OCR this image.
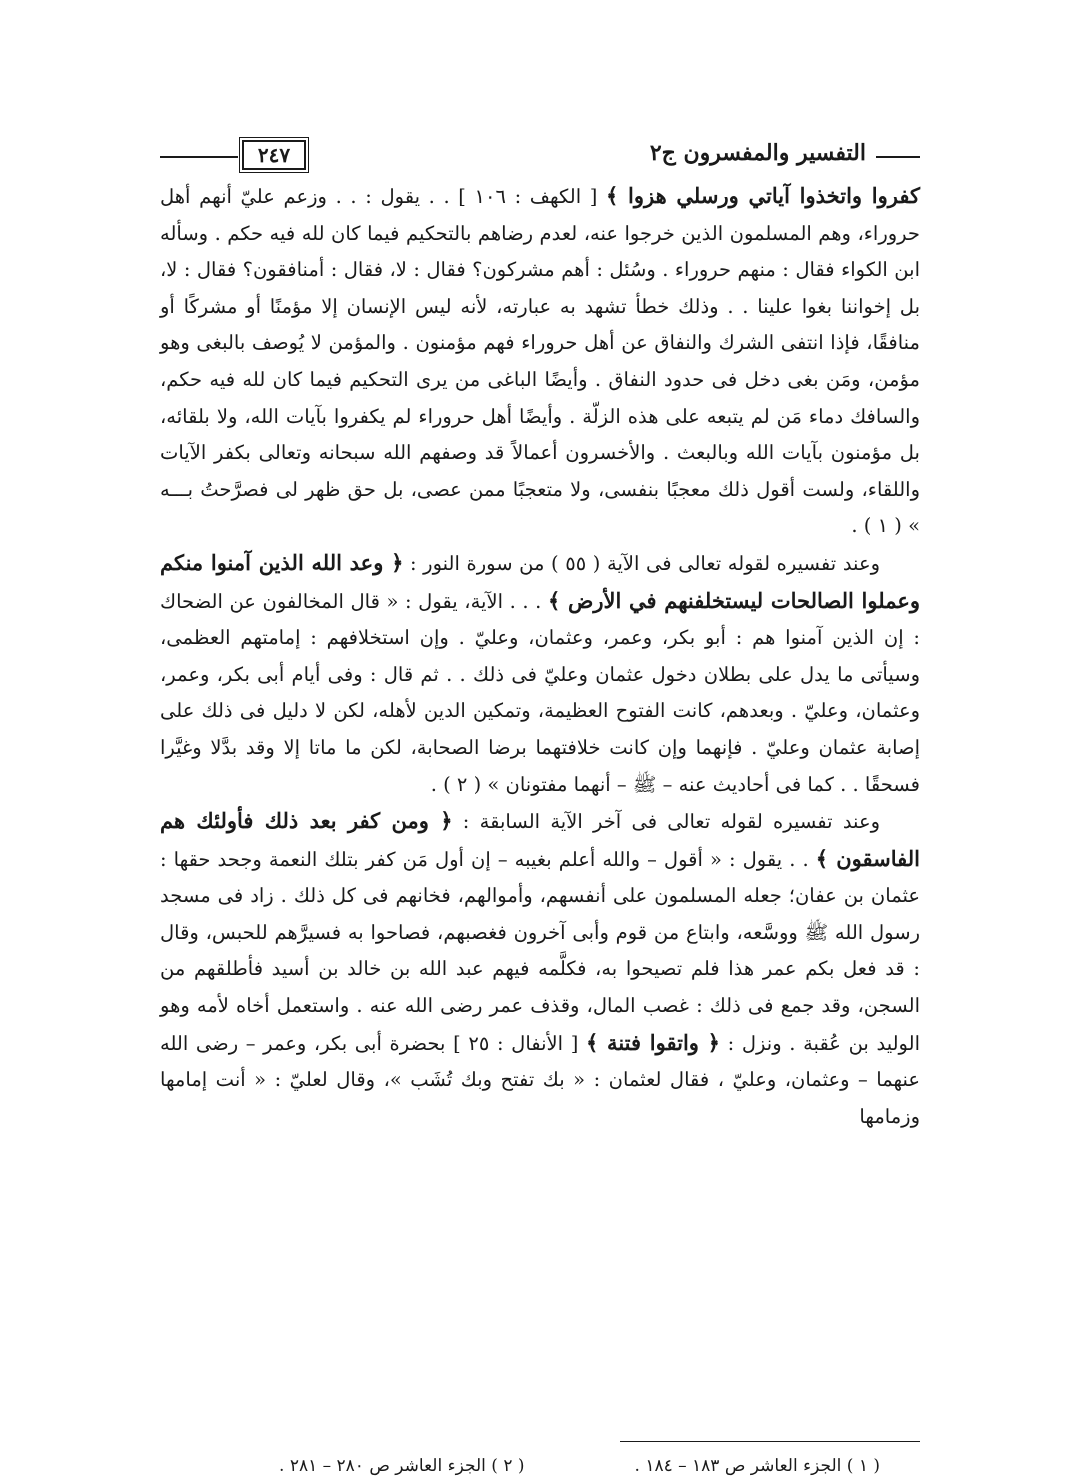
التفسير والمفسرون ج٢
٢٤٧

كفروا واتخذوا آياتي ورسلي هزوا ﴾ [ الكهف : ١٠٦ ] . . يقول : . . وزعم عليّ أنهم أهل حروراء، وهم المسلمون الذين خرجوا عنه، لعدم رضاهم بالتحكيم فيما كان لله فيه حكم . وسأله ابن الكواء فقال : منهم حروراء . وسُئل : أهم مشركون؟ فقال : لا، فقال : أمنافقون؟ فقال : لا، بل إخواننا بغوا علينا . . وذلك خطأ تشهد به عبارته، لأنه ليس الإنسان إلا مؤمنًا أو مشركًا أو منافقًا، فإذا انتفى الشرك والنفاق عن أهل حروراء فهم مؤمنون . والمؤمن لا يُوصف بالبغى وهو مؤمن، ومَن بغى دخل فى حدود النفاق . وأيضًا الباغى من يرى التحكيم فيما كان لله فيه حكم، والسافك دماء مَن لم يتبعه على هذه الزلّة . وأيضًا أهل حروراء لم يكفروا بآيات الله، ولا بلقائه، بل مؤمنون بآيات الله وبالبعث . والأخسرون أعمالاً قد وصفهم الله سبحانه وتعالى بكفر الآيات واللقاء، ولست أقول ذلك معجبًا بنفسى، ولا متعجبًا ممن عصى، بل حق ظهر لى فصرَّحتُ بـــه » ( ١ ) .

وعند تفسيره لقوله تعالى فى الآية ( ٥٥ ) من سورة النور : ﴿ وعد الله الذين آمنوا منكم وعملوا الصالحات ليستخلفنهم في الأرض ﴾ . . . الآية، يقول : « قال المخالفون عن الضحاك : إن الذين آمنوا هم : أبو بكر، وعمر، وعثمان، وعليّ . وإن استخلافهم : إمامتهم العظمى، وسيأتى ما يدل على بطلان دخول عثمان وعليّ فى ذلك . . ثم قال : وفى أيام أبى بكر، وعمر، وعثمان، وعليّ . وبعدهم، كانت الفتوح العظيمة، وتمكين الدين لأهله، لكن لا دليل فى ذلك على إصابة عثمان وعليّ . فإنهما وإن كانت خلافتهما برضا الصحابة، لكن ما ماتا إلا وقد بدَّلا وغيَّرا فسحقًا . . كما فى أحاديث عنه – ﷺ – أنهما مفتونان » ( ٢ ) .

وعند تفسيره لقوله تعالى فى آخر الآية السابقة : ﴿ ومن كفر بعد ذلك فأولئك هم الفاسقون ﴾ . . يقول : « أقول – والله أعلم بغيبه – إن أول مَن كفر بتلك النعمة وجحد حقها : عثمان بن عفان؛ جعله المسلمون على أنفسهم، وأموالهم، فخانهم فى كل ذلك . زاد فى مسجد رسول الله ﷺ ووسَّعه، وابتاع من قوم وأبى آخرون فغصبهم، فصاحوا به فسيرَّهم للحبس، وقال : قد فعل بكم عمر هذا فلم تصيحوا به، فكلَّمه فيهم عبد الله بن خالد بن أسيد فأطلقهم من السجن، وقد جمع فى ذلك : غصب المال، وقذف عمر رضى الله عنه . واستعمل أخاه لأمه وهو الوليد بن عُقبة . ونزل : ﴿ واتقوا فتنة ﴾ [ الأنفال : ٢٥ ] بحضرة أبى بكر، وعمر – رضى الله عنهما – وعثمان، وعليّ ، فقال لعثمان : « بك تفتح وبك تُشَب »، وقال لعليّ : « أنت إمامها وزمامها

( ١ ) الجزء العاشر ص ١٨٣ – ١٨٤ .
( ٢ ) الجزء العاشر ص ٢٨٠ – ٢٨١ .
